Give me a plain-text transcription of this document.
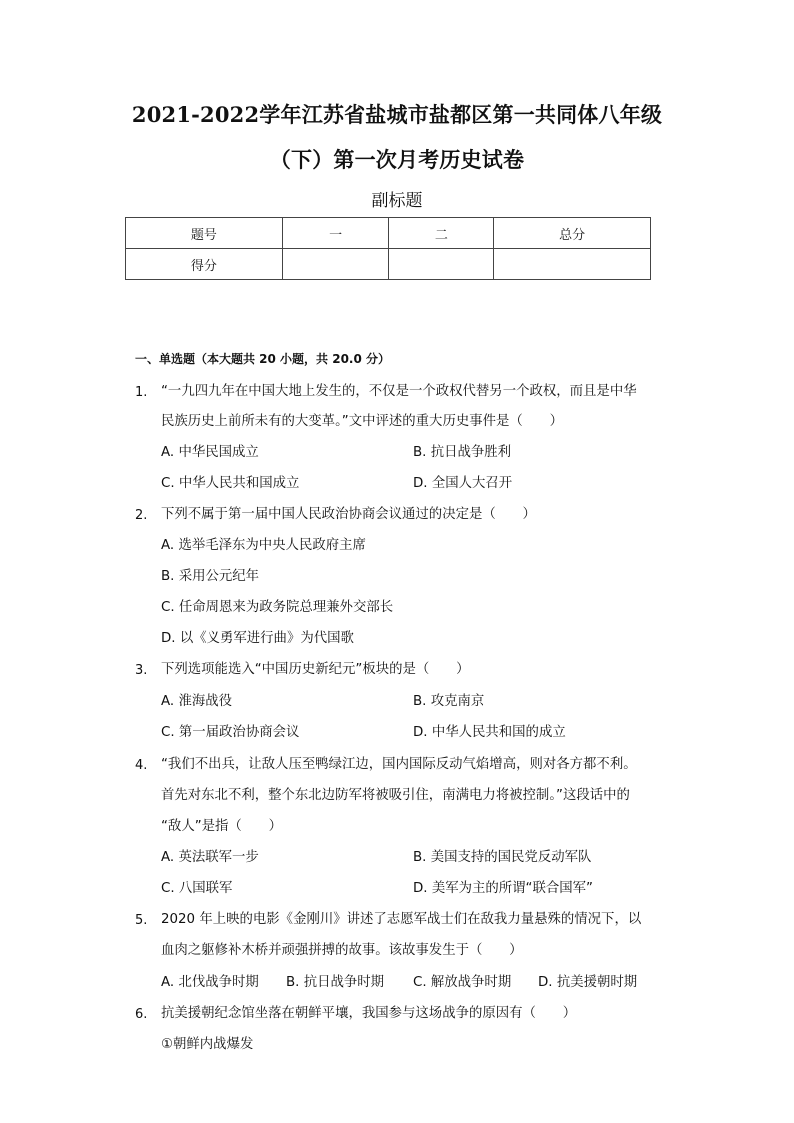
2021-2022学年江苏省盐城市盐都区第一共同体八年级
（下）第一次月考历史试卷
副标题
题号	一	二	总分
得分			
一、单选题（本大题共 20 小题，共 20.0 分）
1. “一九四九年在中国大地上发生的，不仅是一个政权代替另一个政权，而且是中华
民族历史上前所未有的大变革。”文中评述的重大历史事件是（　　）
A. 中华民国成立	B. 抗日战争胜利
C. 中华人民共和国成立	D. 全国人大召开
2. 下列不属于第一届中国人民政治协商会议通过的决定是（　　）
A. 选举毛泽东为中央人民政府主席
B. 采用公元纪年
C. 任命周恩来为政务院总理兼外交部长
D. 以《义勇军进行曲》为代国歌
3. 下列选项能选入“中国历史新纪元”板块的是（　　）
A. 淮海战役	B. 攻克南京
C. 第一届政治协商会议	D. 中华人民共和国的成立
4. “我们不出兵，让敌人压至鸭绿江边，国内国际反动气焰增高，则对各方都不利。
首先对东北不利，整个东北边防军将被吸引住，南满电力将被控制。”这段话中的
“敌人”是指（　　）
A. 英法联军一步	B. 美国支持的国民党反动军队
C. 八国联军	D. 美军为主的所谓“联合国军”
5. 2020 年上映的电影《金刚川》讲述了志愿军战士们在敌我力量悬殊的情况下，以
血肉之躯修补木桥并顽强拼搏的故事。该故事发生于（　　）
A. 北伐战争时期 B. 抗日战争时期 C. 解放战争时期 D. 抗美援朝时期
6. 抗美援朝纪念馆坐落在朝鲜平壤，我国参与这场战争的原因有（　　）
①朝鲜内战爆发
